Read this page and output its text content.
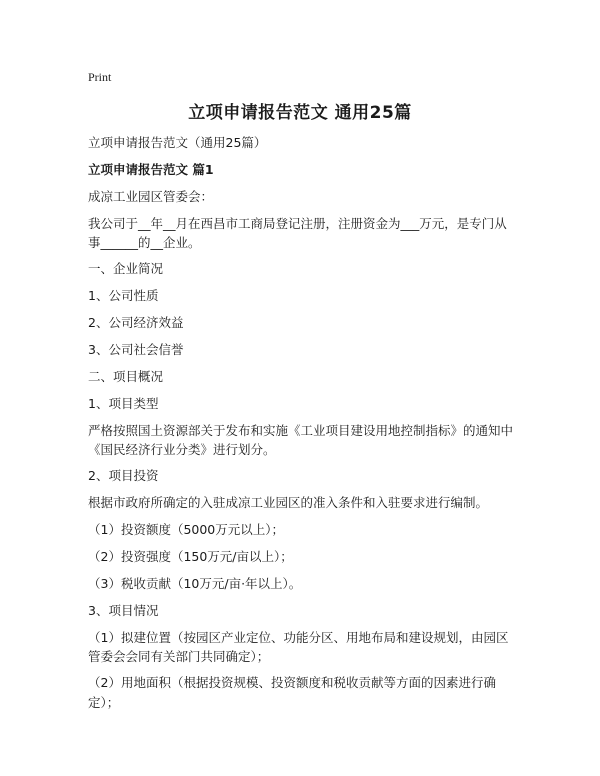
Print
立项申请报告范文 通用25篇

立项申请报告范文（通用25篇）

立项申请报告范文 篇1

成凉工业园区管委会：

我公司于__年__月在西昌市工商局登记注册，注册资金为___万元，是专门从事______的__企业。

一、企业简况

1、公司性质

2、公司经济效益

3、公司社会信誉

二、项目概况

1、项目类型

严格按照国土资源部关于发布和实施《工业项目建设用地控制指标》的通知中《国民经济行业分类》进行划分。

2、项目投资

根据市政府所确定的入驻成凉工业园区的准入条件和入驻要求进行编制。

（1）投资额度（5000万元以上）；

（2）投资强度（150万元/亩以上）；

（3）税收贡献（10万元/亩·年以上）。

3、项目情况

（1）拟建位置（按园区产业定位、功能分区、用地布局和建设规划，由园区管委会会同有关部门共同确定）；

（2）用地面积（根据投资规模、投资额度和税收贡献等方面的因素进行确定）；
